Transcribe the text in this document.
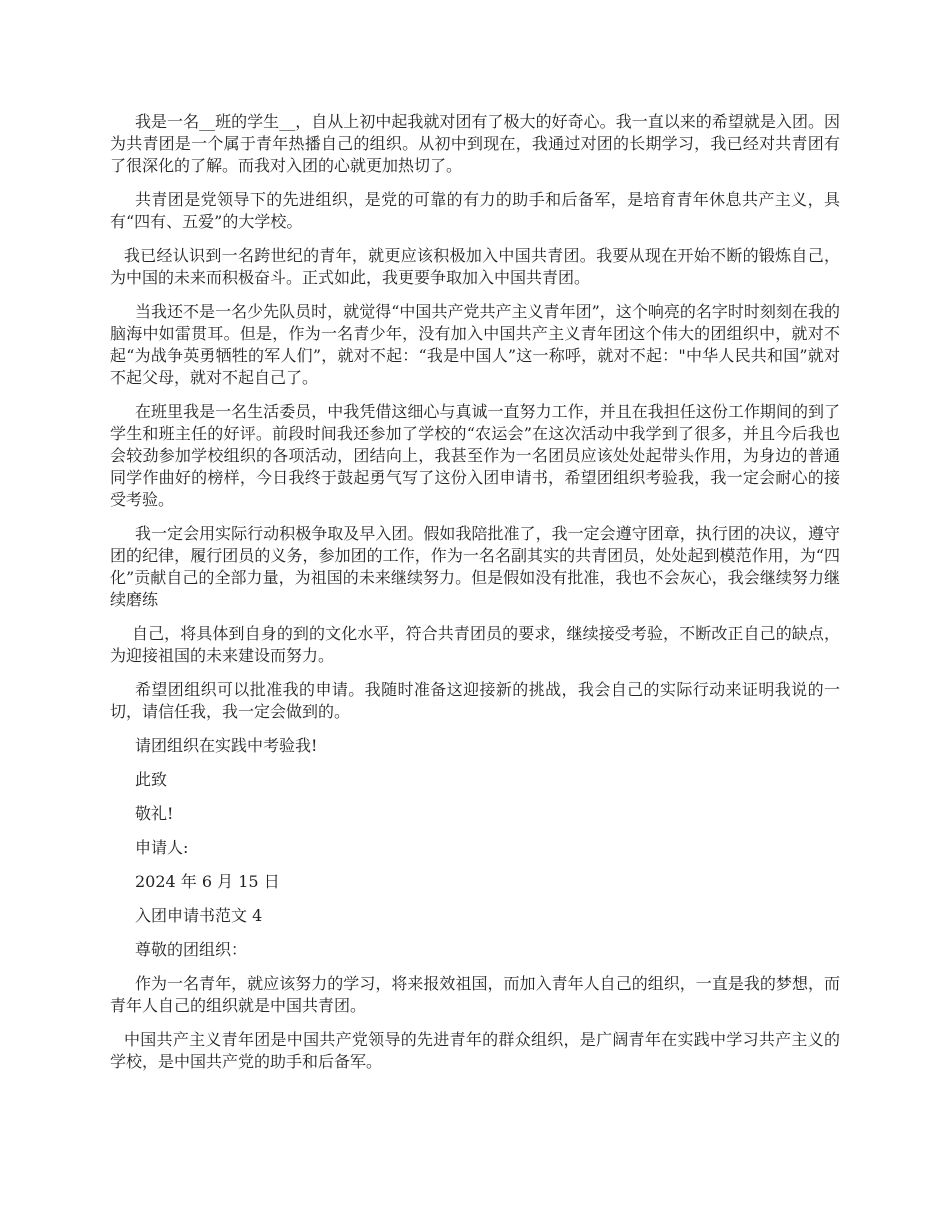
我是一名__班的学生__，自从上初中起我就对团有了极大的好奇心。我一直以来的希望就是入团。因为共青团是一个属于青年热播自己的组织。从初中到现在，我通过对团的长期学习，我已经对共青团有了很深化的了解。而我对入团的心就更加热切了。

共青团是党领导下的先进组织，是党的可靠的有力的助手和后备军，是培育青年休息共产主义，具有“四有、五爱”的大学校。

我已经认识到一名跨世纪的青年，就更应该积极加入中国共青团。我要从现在开始不断的锻炼自己，为中国的未来而积极奋斗。正式如此，我更要争取加入中国共青团。

当我还不是一名少先队员时，就觉得“中国共产党共产主义青年团”，这个响亮的名字时时刻刻在我的脑海中如雷贯耳。但是，作为一名青少年，没有加入中国共产主义青年团这个伟大的团组织中，就对不起“为战争英勇牺牲的军人们”，就对不起：“我是中国人”这一称呼，就对不起："中华人民共和国”就对不起父母，就对不起自己了。

在班里我是一名生活委员，中我凭借这细心与真诚一直努力工作，并且在我担任这份工作期间的到了学生和班主任的好评。前段时间我还参加了学校的“农运会”在这次活动中我学到了很多，并且今后我也会较劲参加学校组织的各项活动，团结向上，我甚至作为一名团员应该处处起带头作用，为身边的普通同学作曲好的榜样，今日我终于鼓起勇气写了这份入团申请书，希望团组织考验我，我一定会耐心的接受考验。

我一定会用实际行动积极争取及早入团。假如我陪批准了，我一定会遵守团章，执行团的决议，遵守团的纪律，履行团员的义务，参加团的工作，作为一名名副其实的共青团员，处处起到模范作用，为“四化”贡献自己的全部力量，为祖国的未来继续努力。但是假如没有批准，我也不会灰心，我会继续努力继续磨练

自己，将具体到自身的到的文化水平，符合共青团员的要求，继续接受考验，不断改正自己的缺点，为迎接祖国的未来建设而努力。

希望团组织可以批准我的申请。我随时准备这迎接新的挑战，我会自己的实际行动来证明我说的一切，请信任我，我一定会做到的。

请团组织在实践中考验我!
此致
敬礼!
申请人:
2024 年 6 月 15 日
入团申请书范文 4
尊敬的团组织：

作为一名青年，就应该努力的学习，将来报效祖国，而加入青年人自己的组织，一直是我的梦想，而青年人自己的组织就是中国共青团。

中国共产主义青年团是中国共产党领导的先进青年的群众组织，是广阔青年在实践中学习共产主义的学校，是中国共产党的助手和后备军。
